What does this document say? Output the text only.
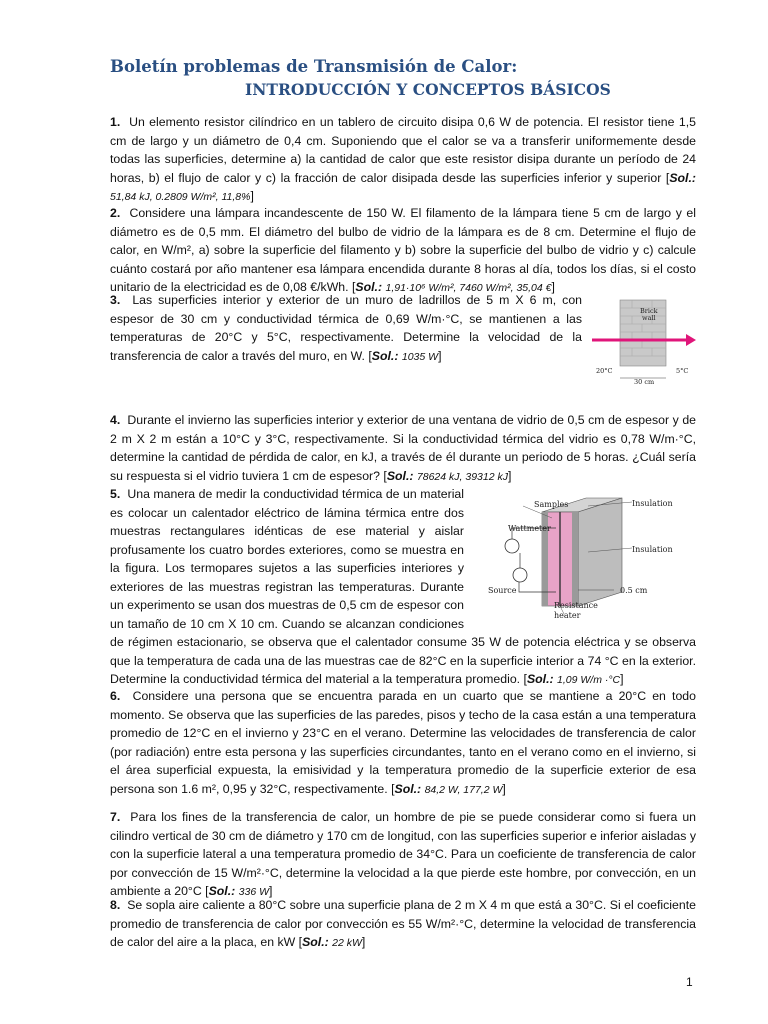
Boletín problemas de Transmisión de Calor:
INTRODUCCIÓN Y CONCEPTOS BÁSICOS

1. Un elemento resistor cilíndrico en un tablero de circuito disipa 0,6 W de potencia. El resistor tiene 1,5 cm de largo y un diámetro de 0,4 cm. Suponiendo que el calor se va a transferir uniformemente desde todas las superficies, determine a) la cantidad de calor que este resistor disipa durante un período de 24 horas, b) el flujo de calor y c) la fracción de calor disipada desde las superficies inferior y superior [Sol.: 51,84 kJ, 0.2809 W/m², 11,8%]

2. Considere una lámpara incandescente de 150 W. El filamento de la lámpara tiene 5 cm de largo y el diámetro es de 0,5 mm. El diámetro del bulbo de vidrio de la lámpara es de 8 cm. Determine el flujo de calor, en W/m², a) sobre la superficie del filamento y b) sobre la superficie del bulbo de vidrio y c) calcule cuánto costará por año mantener esa lámpara encendida durante 8 horas al día, todos los días, si el costo unitario de la electricidad es de 0,08 €/kWh. [Sol.: 1,91·10⁶ W/m², 7460 W/m², 35,04 €]

3. Las superficies interior y exterior de un muro de ladrillos de 5 m X 6 m, con espesor de 30 cm y conductividad térmica de 0,69 W/m·°C, se mantienen a las temperaturas de 20°C y 5°C, respectivamente. Determine la velocidad de la transferencia de calor a través del muro, en W. [Sol.: 1035 W]

Brick
wall
20°C	5°C
30 cm

4. Durante el invierno las superficies interior y exterior de una ventana de vidrio de 0,5 cm de espesor y de 2 m X 2 m están a 10°C y 3°C, respectivamente. Si la conductividad térmica del vidrio es 0,78 W/m·°C, determine la cantidad de pérdida de calor, en kJ, a través de él durante un periodo de 5 horas. ¿Cuál sería su respuesta si el vidrio tuviera 1 cm de espesor? [Sol.: 78624 kJ, 39312 kJ]

Samples	Insulation
Wattmeter
Insulation
Source	0.5 cm
Resistance
heater

5. Una manera de medir la conductividad térmica de un material es colocar un calentador eléctrico de lámina térmica entre dos muestras rectangulares idénticas de ese material y aislar profusamente los cuatro bordes exteriores, como se muestra en la figura. Los termopares sujetos a las superficies interiores y exteriores de las muestras registran las temperaturas. Durante un experimento se usan dos muestras de 0,5 cm de espesor con un tamaño de 10 cm X 10 cm. Cuando se alcanzan condiciones de régimen estacionario, se observa que el calentador consume 35 W de potencia eléctrica y se observa que la temperatura de cada una de las muestras cae de 82°C en la superficie interior a 74 °C en la exterior. Determine la conductividad térmica del material a la temperatura promedio. [Sol.: 1,09 W/m ·°C]

6. Considere una persona que se encuentra parada en un cuarto que se mantiene a 20°C en todo momento. Se observa que las superficies de las paredes, pisos y techo de la casa están a una temperatura promedio de 12°C en el invierno y 23°C en el verano. Determine las velocidades de transferencia de calor (por radiación) entre esta persona y las superficies circundantes, tanto en el verano como en el invierno, si el área superficial expuesta, la emisividad y la temperatura promedio de la superficie exterior de esa persona son 1.6 m², 0,95 y 32°C, respectivamente. [Sol.: 84,2 W, 177,2 W]

7. Para los fines de la transferencia de calor, un hombre de pie se puede considerar como si fuera un cilindro vertical de 30 cm de diámetro y 170 cm de longitud, con las superficies superior e inferior aisladas y con la superficie lateral a una temperatura promedio de 34°C. Para un coeficiente de transferencia de calor por convección de 15 W/m²·°C, determine la velocidad a la que pierde este hombre, por convección, en un ambiente a 20°C [Sol.: 336 W]

8. Se sopla aire caliente a 80°C sobre una superficie plana de 2 m X 4 m que está a 30°C. Si el coeficiente promedio de transferencia de calor por convección es 55 W/m²·°C, determine la velocidad de transferencia de calor del aire a la placa, en kW [Sol.: 22 kW]

1
